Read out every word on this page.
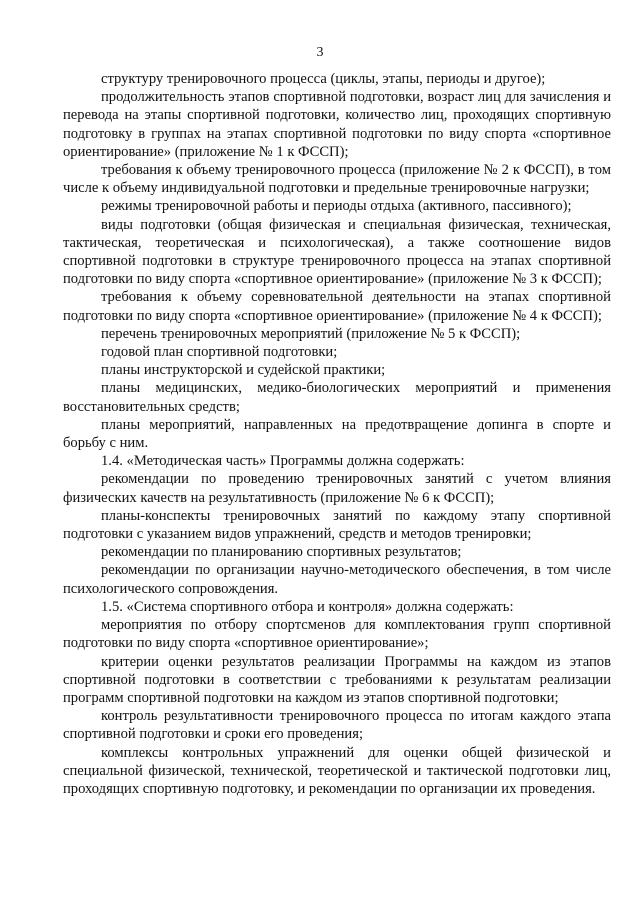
3

структуру тренировочного процесса (циклы, этапы, периоды и другое);

продолжительность этапов спортивной подготовки, возраст лиц для зачисления и перевода на этапы спортивной подготовки, количество лиц, проходящих спортивную подготовку в группах на этапах спортивной подготовки по виду спорта «спортивное ориентирование» (приложение № 1 к ФССП);

требования к объему тренировочного процесса (приложение № 2 к ФССП), в том числе к объему индивидуальной подготовки и предельные тренировочные нагрузки;

режимы тренировочной работы и периоды отдыха (активного, пассивного);

виды подготовки (общая физическая и специальная физическая, техническая, тактическая, теоретическая и психологическая), а также соотношение видов спортивной подготовки в структуре тренировочного процесса на этапах спортивной подготовки по виду спорта «спортивное ориентирование» (приложение № 3 к ФССП);

требования к объему соревновательной деятельности на этапах спортивной подготовки по виду спорта «спортивное ориентирование» (приложение № 4 к ФССП);

перечень тренировочных мероприятий (приложение № 5 к ФССП);

годовой план спортивной подготовки;

планы инструкторской и судейской практики;

планы медицинских, медико-биологических мероприятий и применения восстановительных средств;

планы мероприятий, направленных на предотвращение допинга в спорте и борьбу с ним.

1.4. «Методическая часть» Программы должна содержать:

рекомендации по проведению тренировочных занятий с учетом влияния физических качеств на результативность (приложение № 6 к ФССП);

планы-конспекты тренировочных занятий по каждому этапу спортивной подготовки с указанием видов упражнений, средств и методов тренировки;

рекомендации по планированию спортивных результатов;

рекомендации по организации научно-методического обеспечения, в том числе психологического сопровождения.

1.5. «Система спортивного отбора и контроля» должна содержать:

мероприятия по отбору спортсменов для комплектования групп спортивной подготовки по виду спорта «спортивное ориентирование»;

критерии оценки результатов реализации Программы на каждом из этапов спортивной подготовки в соответствии с требованиями к результатам реализации программ спортивной подготовки на каждом из этапов спортивной подготовки;

контроль результативности тренировочного процесса по итогам каждого этапа спортивной подготовки и сроки его проведения;

комплексы контрольных упражнений для оценки общей физической и специальной физической, технической, теоретической и тактической подготовки лиц, проходящих спортивную подготовку, и рекомендации по организации их проведения.
